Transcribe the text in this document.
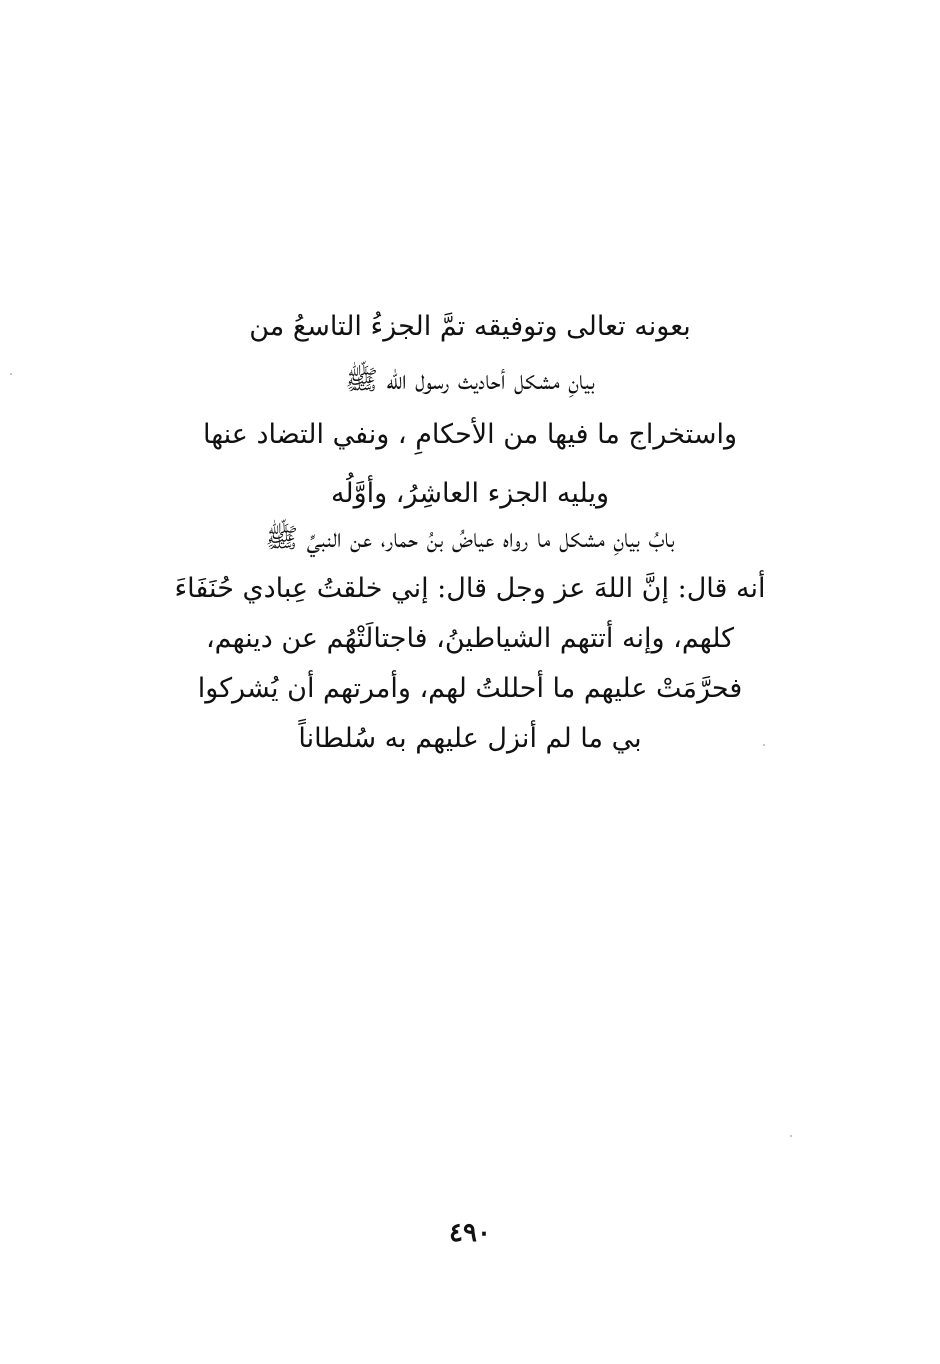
بعونه تعالى وتوفيقه تمَّ الجزءُ التاسعُ من
بيانِ مشكل أحاديث رسول الله ﷺ
واستخراج ما فيها من الأحكامِ ، ونفي التضاد عنها
ويليه الجزء العاشِرُ، وأوَّلُه
بابُ بيانِ مشكل ما رواه عياضُ بنُ حمار، عن النبيِّ ﷺ
أنه قال: إنَّ اللهَ عز وجل قال: إني خلقتُ عِبادي حُنَفَاءَ
كلهم، وإنه أتتهم الشياطينُ، فاجتالَتْهُم عن دينهم،
فحرَّمَتْ عليهم ما أحللتُ لهم، وأمرتهم أن يُشركوا
بي ما لم أنزل عليهم به سُلطاناً
٤٩٠
